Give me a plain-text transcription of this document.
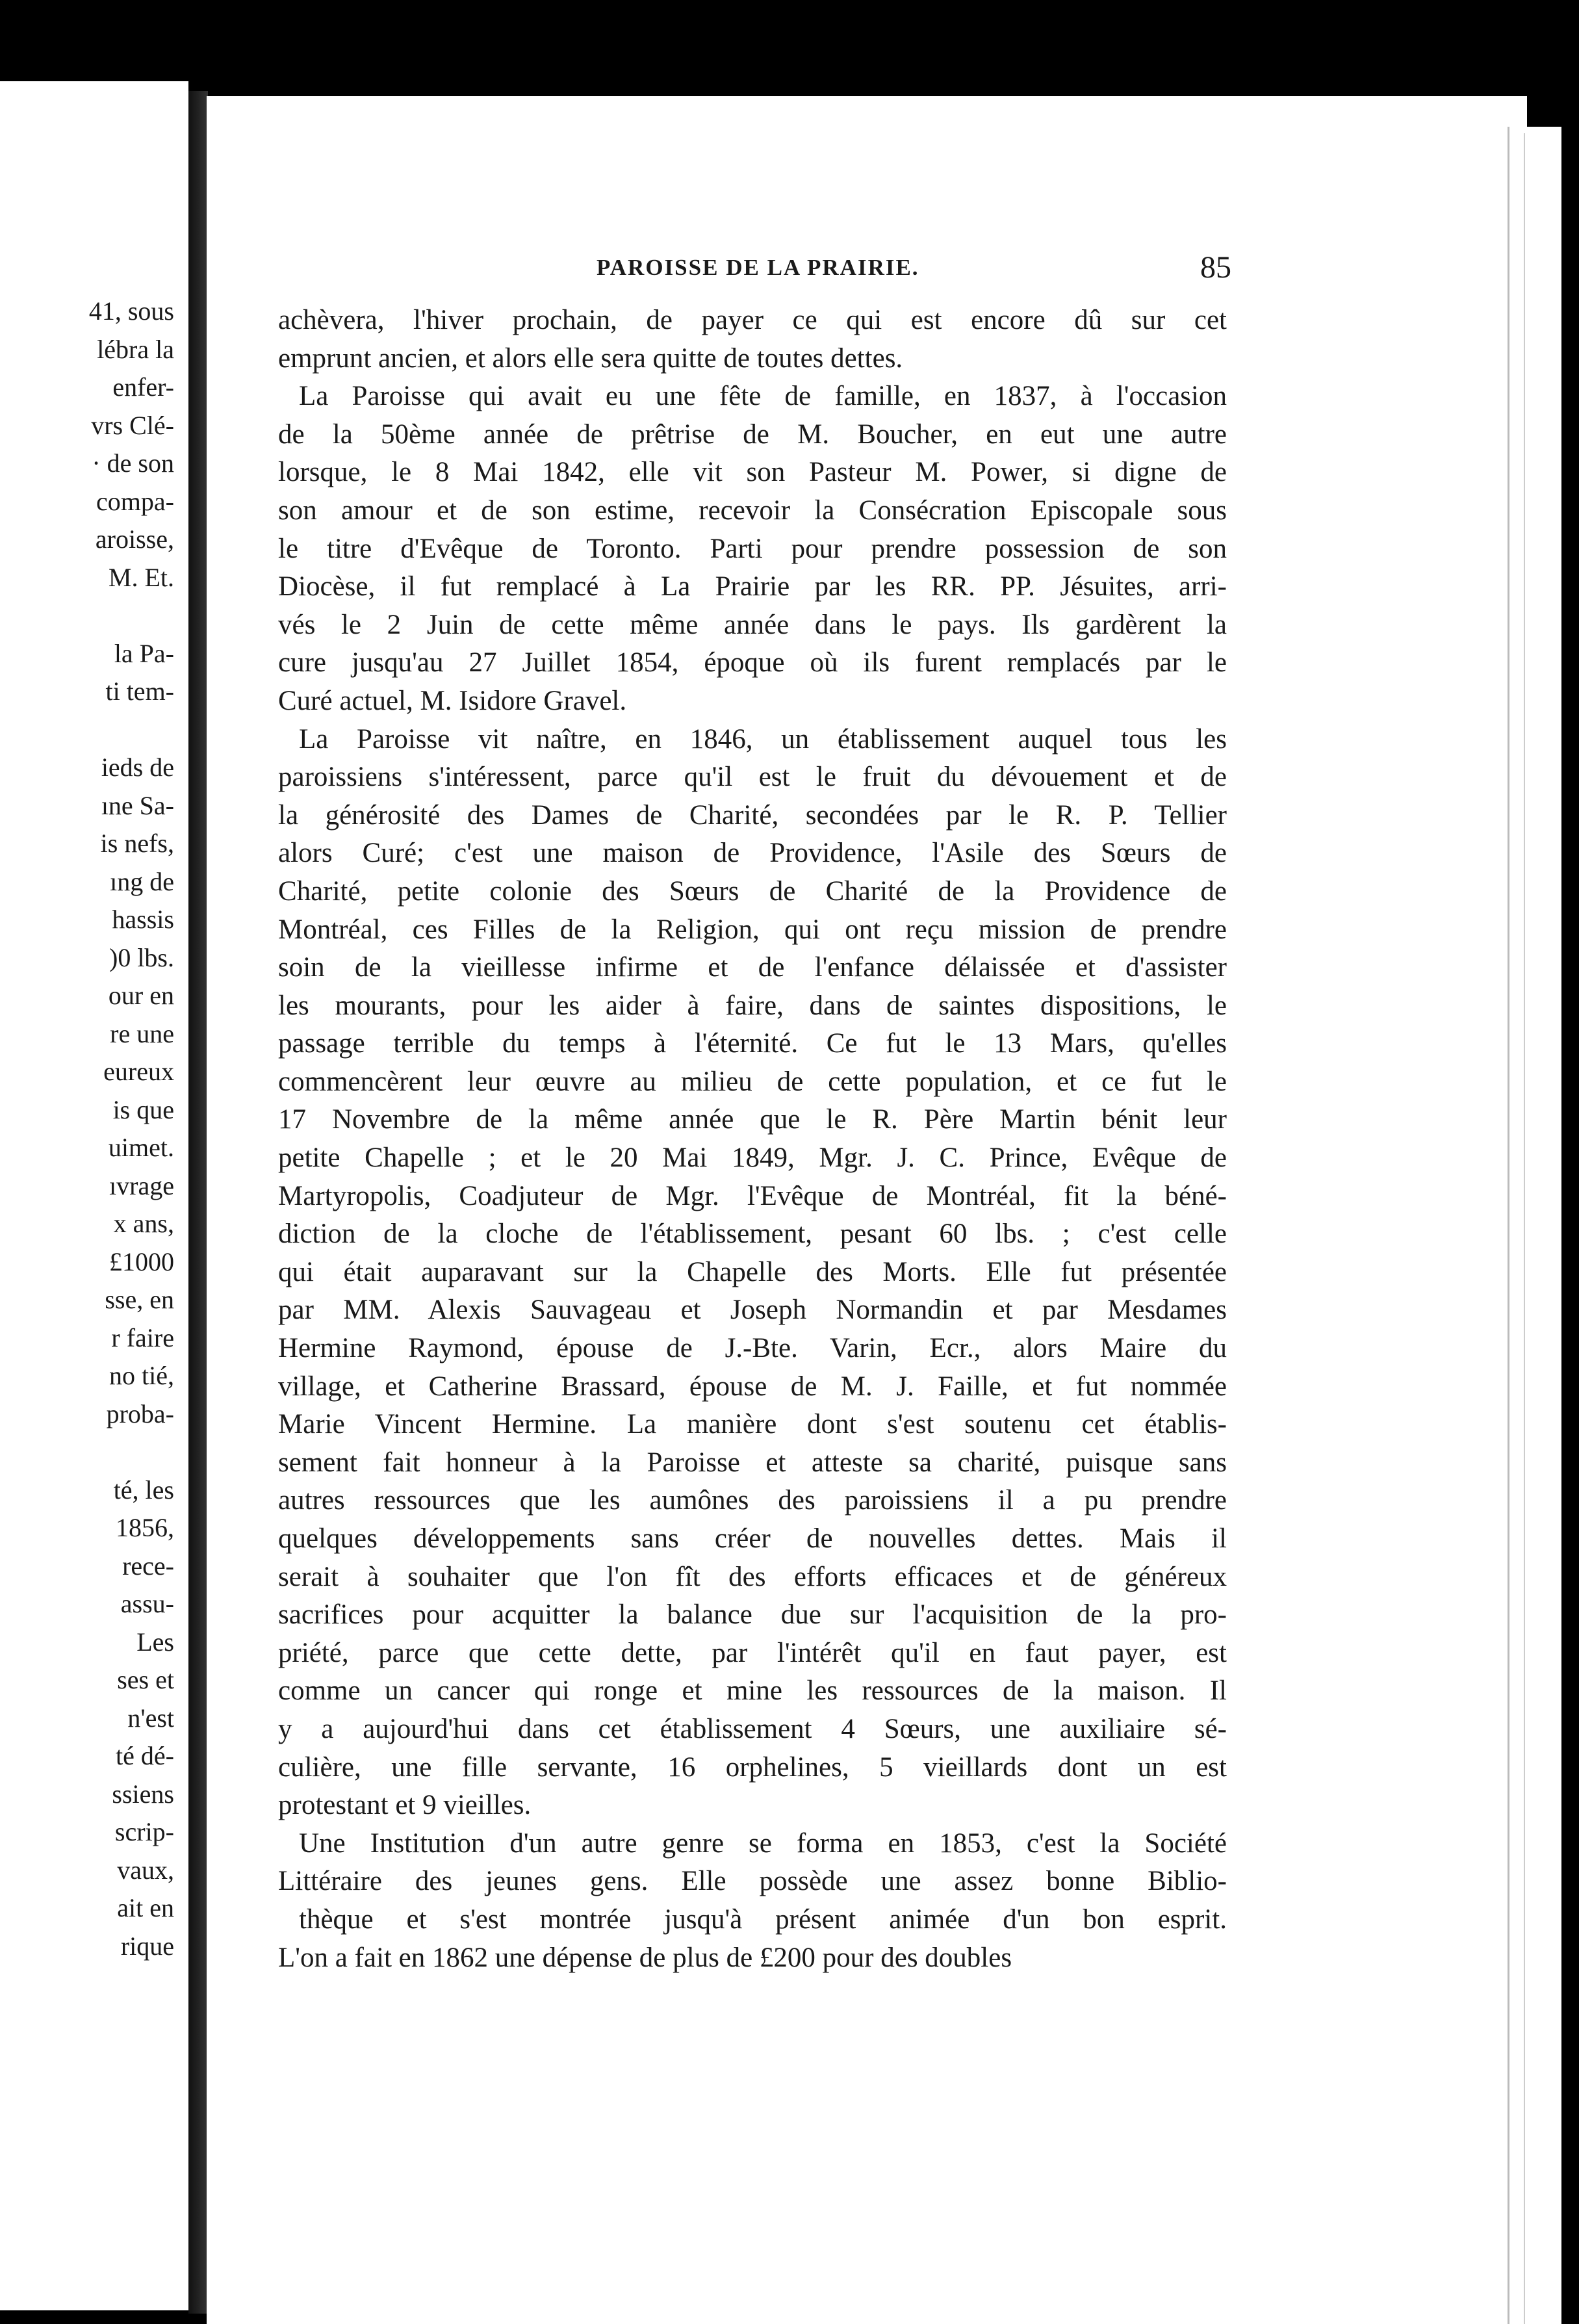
41, sous
lébra la
enfer-
vrs Clé-
· de son
compa-
aroisse,
M. Et.
la Pa-
ti tem-
ieds de
ıne Sa-
is nefs,
ıng de
hassis
)0 lbs.
our en
re une
eureux
is que
uimet.
ıvrage
x ans,
£1000
sse, en
r faire
no tié,
proba-
té, les
1856,
rece-
assu-
Les
ses et
n'est
té dé-
ssiens
scrip-
vaux,
ait en
rique
PAROISSE DE LA PRAIRIE.	85
achèvera, l'hiver prochain, de payer ce qui est encore dû sur cet
emprunt ancien, et alors elle sera quitte de toutes dettes.
La Paroisse qui avait eu une fête de famille, en 1837, à l'occasion
de la 50ème année de prêtrise de M. Boucher, en eut une autre
lorsque, le 8 Mai 1842, elle vit son Pasteur M. Power, si digne de
son amour et de son estime, recevoir la Consécration Episcopale sous
le titre d'Evêque de Toronto. Parti pour prendre possession de son
Diocèse, il fut remplacé à La Prairie par les RR. PP. Jésuites, arri-
vés le 2 Juin de cette même année dans le pays. Ils gardèrent la
cure jusqu'au 27 Juillet 1854, époque où ils furent remplacés par le
Curé actuel, M. Isidore Gravel.
La Paroisse vit naître, en 1846, un établissement auquel tous les
paroissiens s'intéressent, parce qu'il est le fruit du dévouement et de
la générosité des Dames de Charité, secondées par le R. P. Tellier
alors Curé; c'est une maison de Providence, l'Asile des Sœurs de
Charité, petite colonie des Sœurs de Charité de la Providence de
Montréal, ces Filles de la Religion, qui ont reçu mission de prendre
soin de la vieillesse infirme et de l'enfance délaissée et d'assister
les mourants, pour les aider à faire, dans de saintes dispositions, le
passage terrible du temps à l'éternité. Ce fut le 13 Mars, qu'elles
commencèrent leur œuvre au milieu de cette population, et ce fut le
17 Novembre de la même année que le R. Père Martin bénit leur
petite Chapelle ; et le 20 Mai 1849, Mgr. J. C. Prince, Evêque de
Martyropolis, Coadjuteur de Mgr. l'Evêque de Montréal, fit la béné-
diction de la cloche de l'établissement, pesant 60 lbs. ; c'est celle
qui était auparavant sur la Chapelle des Morts. Elle fut présentée
par MM. Alexis Sauvageau et Joseph Normandin et par Mesdames
Hermine Raymond, épouse de J.-Bte. Varin, Ecr., alors Maire du
village, et Catherine Brassard, épouse de M. J. Faille, et fut nommée
Marie Vincent Hermine. La manière dont s'est soutenu cet établis-
sement fait honneur à la Paroisse et atteste sa charité, puisque sans
autres ressources que les aumônes des paroissiens il a pu prendre
quelques développements sans créer de nouvelles dettes. Mais il
serait à souhaiter que l'on fît des efforts efficaces et de généreux
sacrifices pour acquitter la balance due sur l'acquisition de la pro-
priété, parce que cette dette, par l'intérêt qu'il en faut payer, est
comme un cancer qui ronge et mine les ressources de la maison. Il
y a aujourd'hui dans cet établissement 4 Sœurs, une auxiliaire sé-
culière, une fille servante, 16 orphelines, 5 vieillards dont un est
protestant et 9 vieilles.
Une Institution d'un autre genre se forma en 1853, c'est la Société
Littéraire des jeunes gens. Elle possède une assez bonne Biblio-
thèque et s'est montrée jusqu'à présent animée d'un bon esprit.
L'on a fait en 1862 une dépense de plus de £200 pour des doubles
